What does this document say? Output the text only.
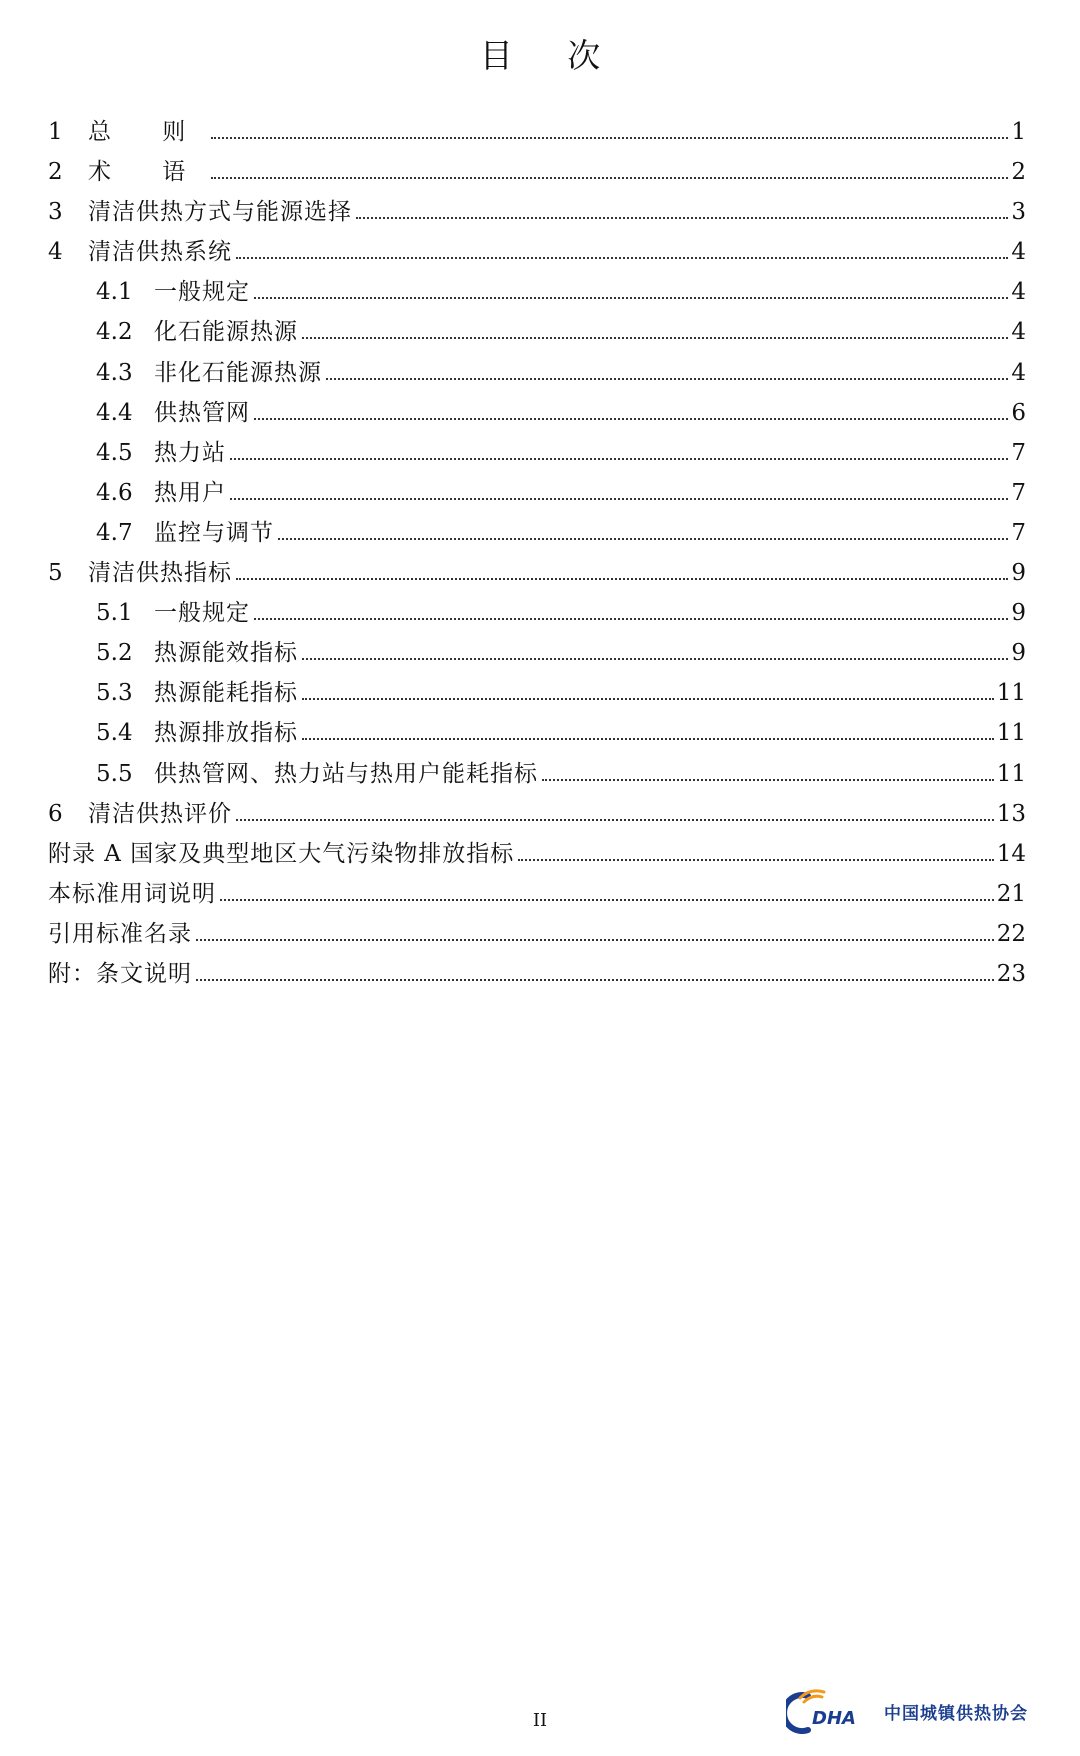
目 次
1	总 则	1
2	术 语	2
3	清洁供热方式与能源选择	3
4	清洁供热系统	4
4.1 一般规定	4
4.2 化石能源热源	4
4.3 非化石能源热源	4
4.4 供热管网	6
4.5 热力站	7
4.6 热用户	7
4.7 监控与调节	7
5	清洁供热指标	9
5.1 一般规定	9
5.2 热源能效指标	9
5.3 热源能耗指标	11
5.4 热源排放指标	11
5.5 供热管网、热力站与热用户能耗指标	11
6	清洁供热评价	13
附录 A 国家及典型地区大气污染物排放指标	14
本标准用词说明	21
引用标准名录	22
附：条文说明	23
II	DHA 中国城镇供热协会
